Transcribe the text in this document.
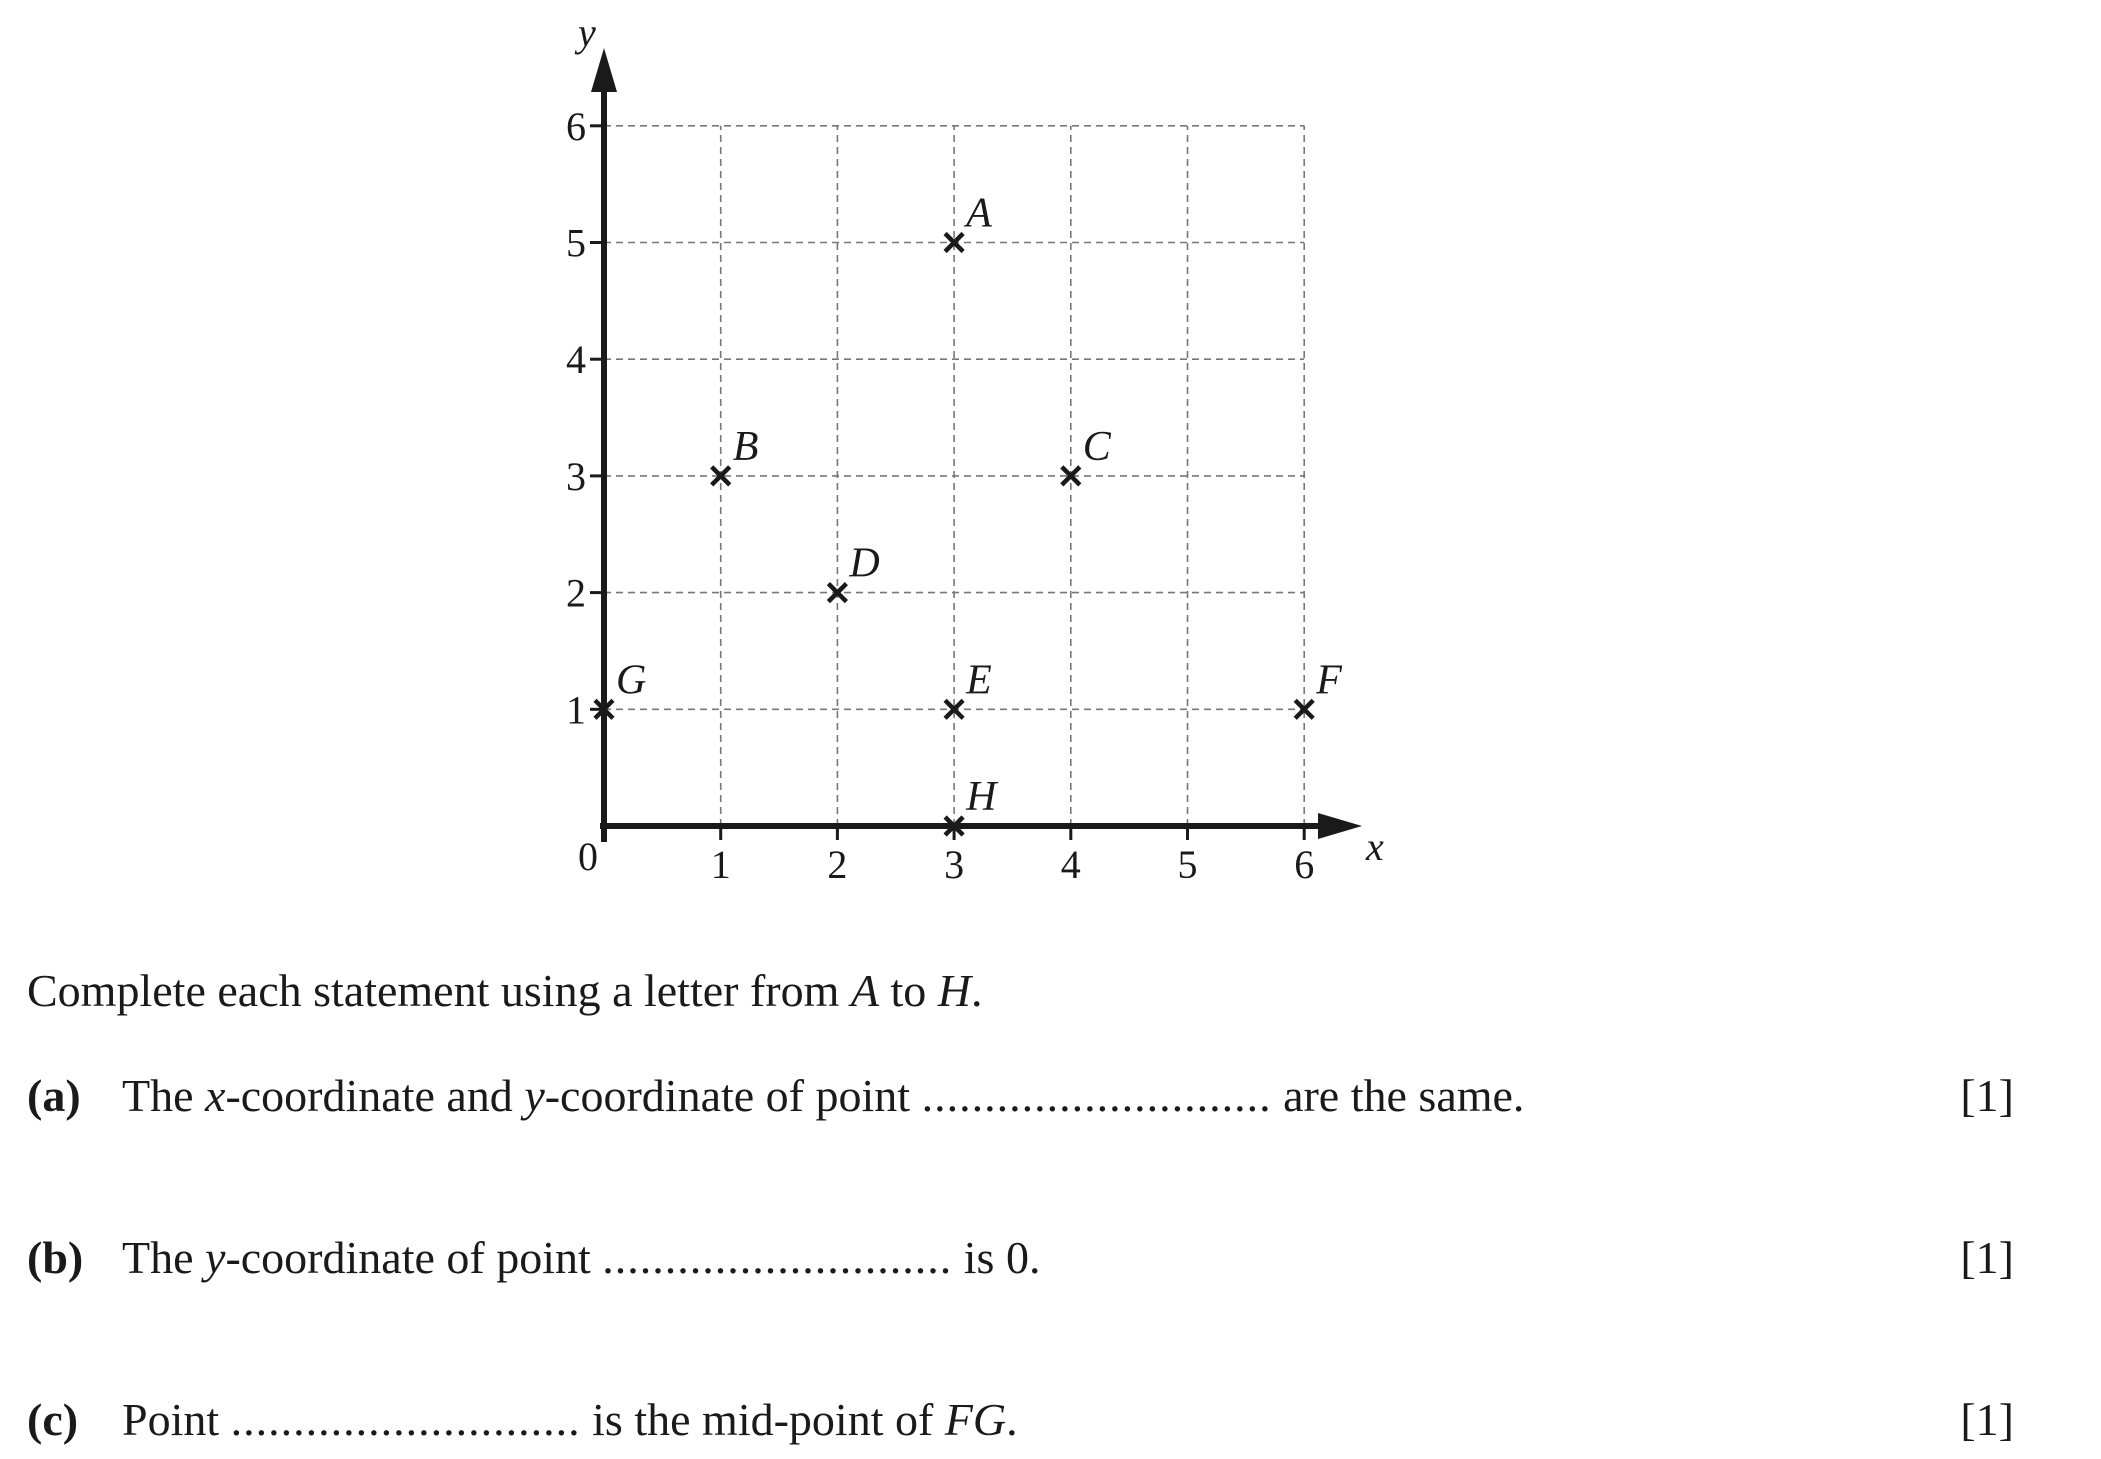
x
y
0	1 2 3 4 5 6
1
2
3
4
5
6
A
B	C
D
E	F
G
H
Complete each statement using a letter from A to H.
(a) The x-coordinate and y-coordinate of point ............................ are the same.	[1]
(b) The y-coordinate of point ............................ is 0.	[1]
(c) Point ............................ is the mid-point of FG.	[1]
